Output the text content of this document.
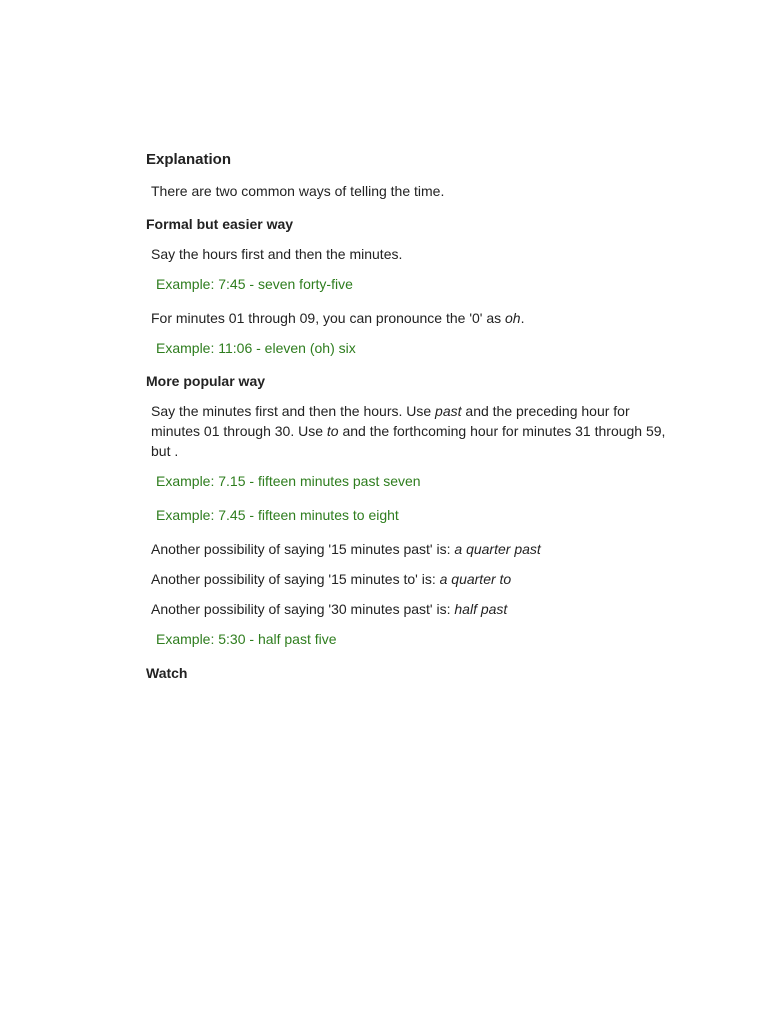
Explanation
There are two common ways of telling the time.
Formal but easier way
Say the hours first and then the minutes.
Example: 7:45 - seven forty-five
For minutes 01 through 09, you can pronounce the '0' as oh.
Example: 11:06 - eleven (oh) six
More popular way
Say the minutes first and then the hours. Use past and the preceding hour for minutes 01 through 30. Use to and the forthcoming hour for minutes 31 through 59, but .
Example: 7.15 - fifteen minutes past seven
Example: 7.45 - fifteen minutes to eight
Another possibility of saying '15 minutes past' is: a quarter past
Another possibility of saying '15 minutes to' is: a quarter to
Another possibility of saying '30 minutes past' is: half past
Example: 5:30 - half past five
Watch
